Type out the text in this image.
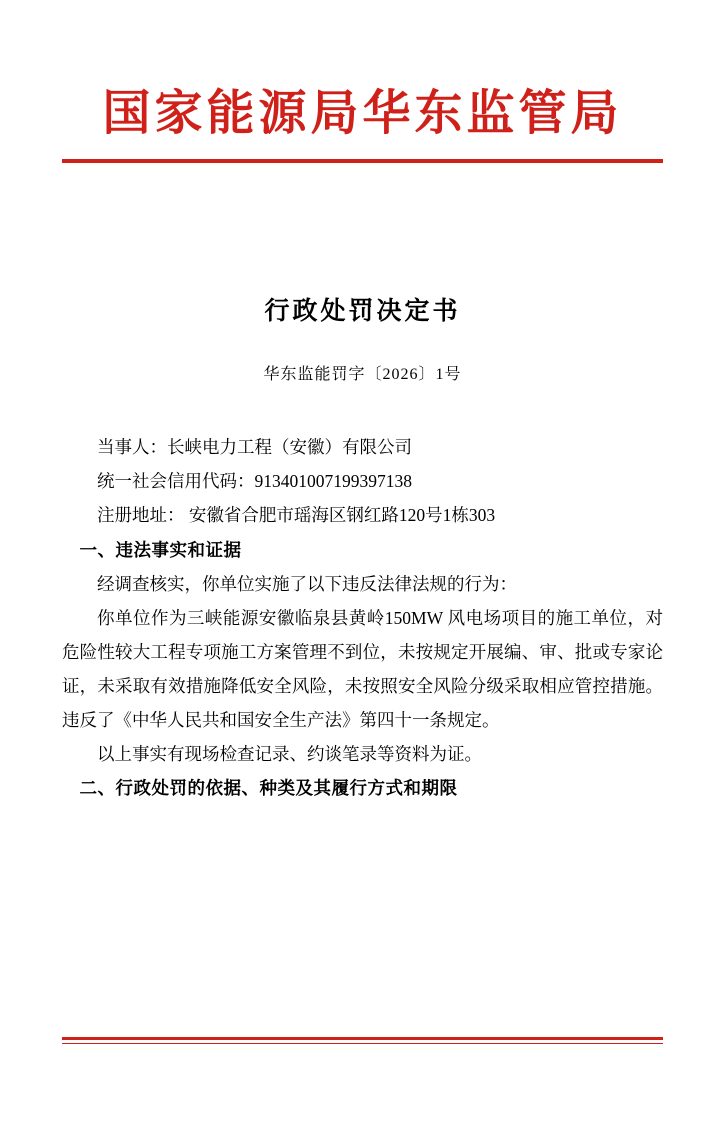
国家能源局华东监管局
行政处罚决定书
华东监能罚字〔2026〕1号

当事人：长峡电力工程（安徽）有限公司

统一社会信用代码：913401007199397138

注册地址： 安徽省合肥市瑶海区钢红路120号1栋303

一、违法事实和证据

经调查核实，你单位实施了以下违反法律法规的行为：

你单位作为三峡能源安徽临泉县黄岭150MW 风电场项目的施工单位，对危险性较大工程专项施工方案管理不到位，未按规定开展编、审、批或专家论证，未采取有效措施降低安全风险，未按照安全风险分级采取相应管控措施。违反了《中华人民共和国安全生产法》第四十一条规定。

以上事实有现场检查记录、约谈笔录等资料为证。

二、行政处罚的依据、种类及其履行方式和期限
